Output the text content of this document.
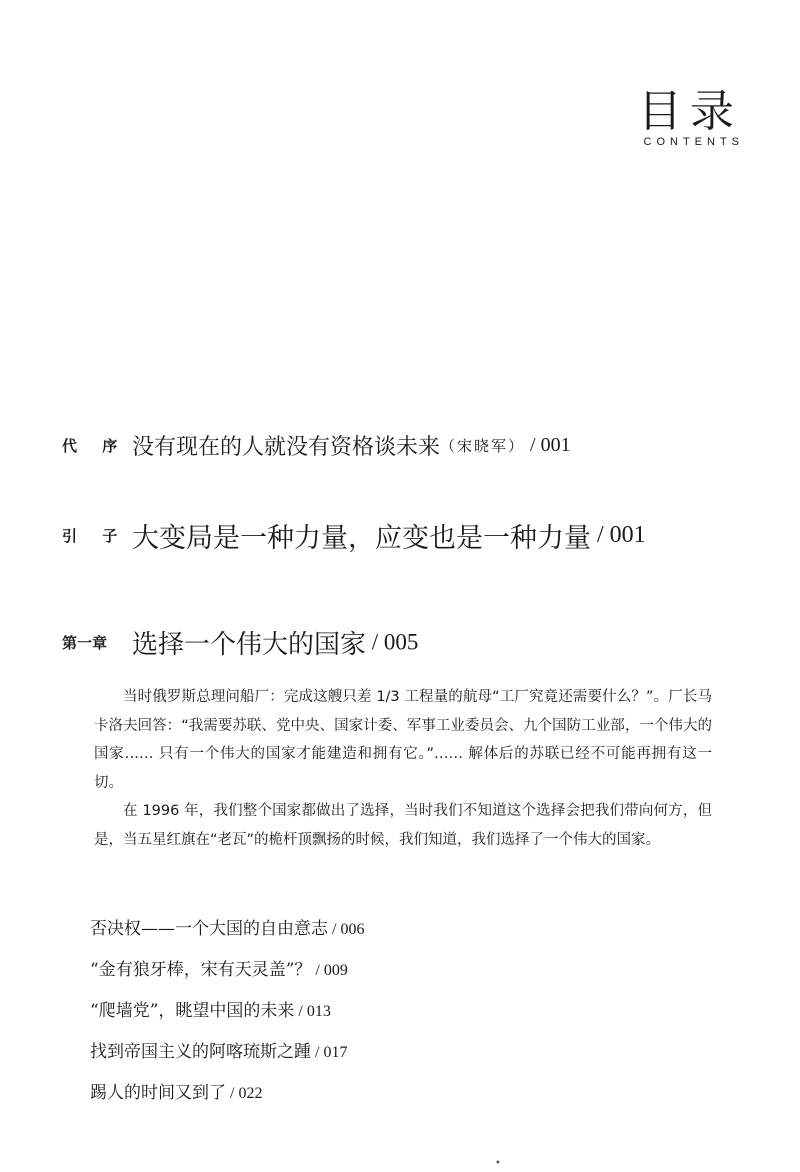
目录
CONTENTS
代 序 没有现在的人就没有资格谈未来（宋晓军） / 001
引 子 大变局是一种力量，应变也是一种力量 / 001
第一章 选择一个伟大的国家 / 005

当时俄罗斯总理问船厂：完成这艘只差 1/3 工程量的航母“工厂究竟还需要什么？”。厂长马卡洛夫回答：“我需要苏联、党中央、国家计委、军事工业委员会、九个国防工业部，一个伟大的国家…… 只有一个伟大的国家才能建造和拥有它。”…… 解体后的苏联已经不可能再拥有这一切。

在 1996 年，我们整个国家都做出了选择，当时我们不知道这个选择会把我们带向何方，但是，当五星红旗在“老瓦”的桅杆顶飘扬的时候，我们知道，我们选择了一个伟大的国家。

否决权——一个大国的自由意志 / 006
“金有狼牙棒，宋有天灵盖”？ / 009
“爬墙党”，眺望中国的未来 / 013
找到帝国主义的阿喀琉斯之踵 / 017
踢人的时间又到了 / 022
•
